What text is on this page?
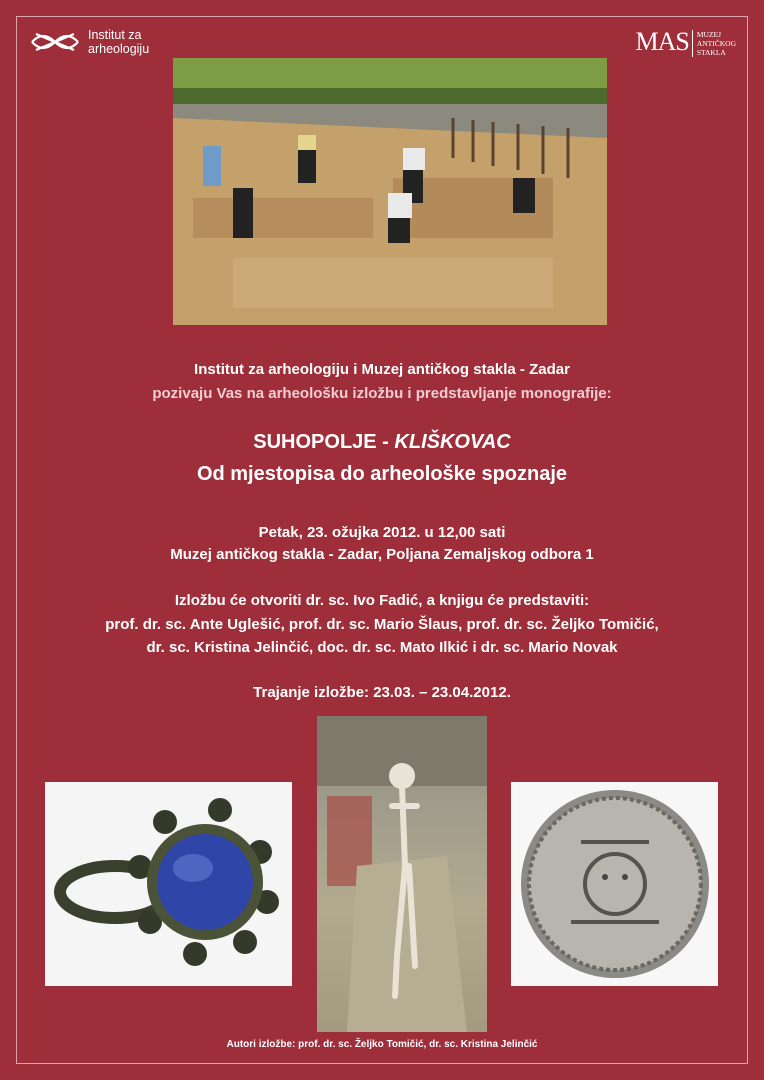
Institut za
arheologiju	MAS MUZEJ
ANTIČKOG
STAKLA
Institut za arheologiju i Muzej antičkog stakla - Zadar
pozivaju Vas na arheološku izložbu i predstavljanje monografije:
SUHOPOLJE - KLIŠKOVAC
Od mjestopisa do arheološke spoznaje
Petak, 23. ožujka 2012. u 12,00 sati
Muzej antičkog stakla - Zadar, Poljana Zemaljskog odbora 1
Izložbu će otvoriti dr. sc. Ivo Fadić, a knjigu će predstaviti:
prof. dr. sc. Ante Uglešić, prof. dr. sc. Mario Šlaus, prof. dr. sc. Željko Tomičić,
dr. sc. Kristina Jelinčić, doc. dr. sc. Mato Ilkić i dr. sc. Mario Novak
Trajanje izložbe: 23.03. – 23.04.2012.
Autori izložbe: prof. dr. sc. Željko Tomičić, dr. sc. Kristina Jelinčić
